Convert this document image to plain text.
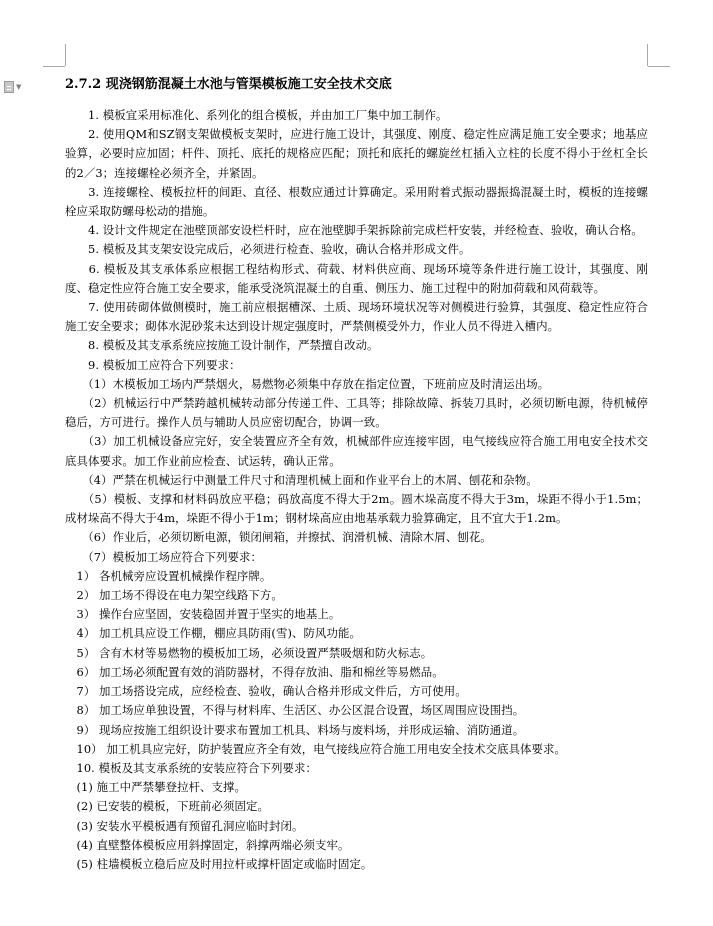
▼	2.7.2 现浇钢筋混凝土水池与管渠模板施工安全技术交底

　　1. 模板宜采用标准化、系列化的组合模板，并由加工厂集中加工制作。

　　2. 使用QM和SZ钢支架做模板支架时，应进行施工设计，其强度、刚度、稳定性应满足施工安全要求；地基应验算，必要时应加固；杆件、顶托、底托的规格应匹配；顶托和底托的螺旋丝杠插入立柱的长度不得小于丝杠全长的2／3；连接螺栓必须齐全，并紧固。

　　3. 连接螺栓、模板拉杆的间距、直径、根数应通过计算确定。采用附着式振动器振捣混凝土时，模板的连接螺栓应采取防螺母松动的措施。

　　4. 设计文件规定在池壁顶部安设栏杆时，应在池壁脚手架拆除前完成栏杆安装，并经检查、验收，确认合格。

　　5. 模板及其支架安设完成后，必须进行检查、验收，确认合格并形成文件。

　　6. 模板及其支承体系应根据工程结构形式、荷载、材料供应商、现场环境等条件进行施工设计，其强度、刚度、稳定性应符合施工安全要求，能承受浇筑混凝土的自重、侧压力、施工过程中的附加荷载和风荷载等。

　　7. 使用砖砌体做侧模时，施工前应根据槽深、土质、现场环境状况等对侧模进行验算，其强度、稳定性应符合施工安全要求；砌体水泥砂浆未达到设计规定强度时，严禁侧模受外力，作业人员不得进入槽内。

　　8. 模板及其支承系统应按施工设计制作，严禁擅自改动。

　　9. 模板加工应符合下列要求：

　　（1）木模板加工场内严禁烟火，易燃物必须集中存放在指定位置，下班前应及时清运出场。

　　（2）机械运行中严禁跨越机械转动部分传递工件、工具等；排除故障、拆装刀具时，必须切断电源，待机械停稳后，方可进行。操作人员与辅助人员应密切配合，协调一致。

　　（3）加工机械设备应完好，安全装置应齐全有效，机械部件应连接牢固，电气接线应符合施工用电安全技术交底具体要求。加工作业前应检查、试运转，确认正常。

　　（4）严禁在机械运行中测量工件尺寸和清理机械上面和作业平台上的木屑、刨花和杂物。

　　（5）模板、支撑和材料码放应平稳；码放高度不得大于2m。圆木垛高度不得大于3m，垛距不得小于1.5m；成材垛高不得大于4m，垛距不得小于1m；钢材垛高应由地基承载力验算确定，且不宜大于1.2m。

　　（6）作业后，必须切断电源，锁闭闸箱，并擦拭、润滑机械、清除木屑、刨花。

　　（7）模板加工场应符合下列要求：

　1） 各机械旁应设置机械操作程序牌。

　2） 加工场不得设在电力架空线路下方。

　3） 操作台应坚固，安装稳固并置于坚实的地基上。

　4） 加工机具应设工作棚，棚应具防雨(雪)、防风功能。

　5） 含有木材等易燃物的模板加工场，必须设置严禁吸烟和防火标志。

　6） 加工场必须配置有效的消防器材，不得存放油、脂和棉丝等易燃品。

　7） 加工场搭设完成，应经检查、验收，确认合格并形成文件后，方可使用。

　8） 加工场应单独设置，不得与材料库、生活区、办公区混合设置，场区周围应设围挡。

　9） 现场应按施工组织设计要求布置加工机具、料场与废料场，并形成运输、消防通道。

　10） 加工机具应完好，防护装置应齐全有效，电气接线应符合施工用电安全技术交底具体要求。

　10. 模板及其支承系统的安装应符合下列要求：

　(1) 施工中严禁攀登拉杆、支撑。

　(2) 已安装的模板，下班前必须固定。

　(3) 安装水平模板遇有预留孔洞应临时封闭。

　(4) 直壁整体模板应用斜撑固定，斜撑两端必须支牢。

　(5) 柱墙模板立稳后应及时用拉杆或撑杆固定或临时固定。
